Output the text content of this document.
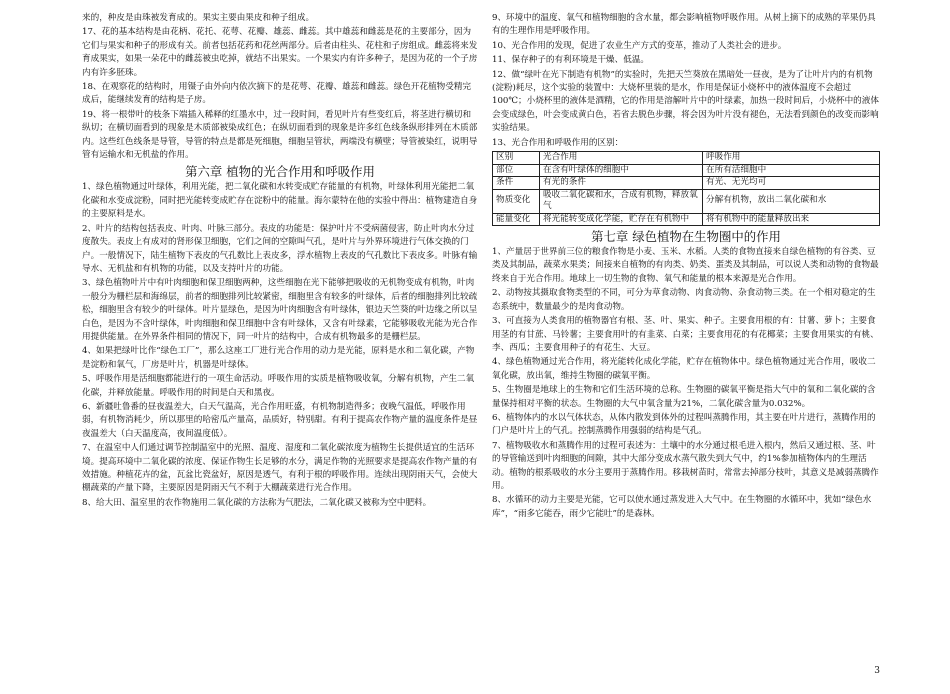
来的，种皮是由珠被发育成的。果实主要由果皮和种子组成。

17、花的基本结构是由花柄、花托、花萼、花瓣、雄蕊、雌蕊。其中雄蕊和雌蕊是花的主要部分，因为它们与果实和种子的形成有关。前者包括花药和花丝两部分。后者由柱头、花柱和子房组成。雌蕊将来发育成果实，如果一朵花中的雌蕊被虫吃掉，就结不出果实。一个果实内有许多种子，是因为花的一个子房内有许多胚珠。

18、在观察花的结构时，用镊子由外向内依次摘下的是花萼、花瓣、雄蕊和雌蕊。绿色开花植物受精完成后，能继续发育的结构是子房。

19、将一根带叶的枝条下端插入稀释的红墨水中，过一段时间，看见叶片有些变红后，将茎进行横切和纵切；在横切面看到的现象是木质部被染成红色；在纵切面看到的现象是许多红色线条纵形排列在木质部内。这些红色线条是导管，导管的特点是都是死细胞，细胞呈管状，两端没有横壁；导管被染红，说明导管有运输水和无机盐的作用。

第六章 植物的光合作用和呼吸作用

1、绿色植物通过叶绿体，利用光能，把二氧化碳和水转变成贮存能量的有机物，叶绿体利用光能把二氧化碳和水变成淀粉，同时把光能转变成贮存在淀粉中的能量。海尔蒙特在他的实验中得出：植物建造自身的主要原料是水。

2、叶片的结构包括表皮、叶肉、叶脉三部分。表皮的功能是：保护叶片不受病菌侵害，防止叶肉水分过度散失。表皮上有成对的肾形保卫细胞，它们之间的空隙叫气孔，是叶片与外界环境进行气体交换的门户。一般情况下，陆生植物下表皮的气孔数比上表皮多，浮水植物上表皮的气孔数比下表皮多。叶脉有输导水、无机盐和有机物的功能，以及支持叶片的功能。

3、绿色植物叶片中有叶肉细胞和保卫细胞两种，这些细胞在光下能够把吸收的无机物变成有机物，叶肉一般分为栅栏层和海绵层，前者的细胞排列比较紧密，细胞里含有较多的叶绿体，后者的细胞排列比较疏松，细胞里含有较少的叶绿体。叶片显绿色，是因为叶肉细胞含有叶绿体，银边天竺葵的叶边缘之所以呈白色，是因为不含叶绿体，叶肉细胞和保卫细胞中含有叶绿体，又含有叶绿素，它能够吸收光能为光合作用提供能量。在外界条件相同的情况下，同一叶片的结构中，合成有机物最多的是栅栏层。

4、如果把绿叶比作“绿色工厂”，那么这座工厂进行光合作用的动力是光能，原料是水和二氧化碳，产物是淀粉和氧气，厂房是叶片，机器是叶绿体。

5、呼吸作用是活细胞都能进行的一项生命活动。呼吸作用的实质是植物吸收氧，分解有机物，产生二氧化碳，并释放能量。呼吸作用的时间是白天和黑夜。

6、新疆吐鲁番的昼夜温差大，白天气温高，光合作用旺盛，有机物制造得多；夜晚气温低，呼吸作用弱，有机物消耗少，所以那里的哈密瓜产量高，品质好，特别甜。有利于提高农作物产量的温度条件是昼夜温差大（白天温度高，夜间温度低）。

7、在温室中人们通过调节控制温室中的光照、温度、湿度和二氧化碳浓度为植物生长提供适宜的生活环境。提高环境中二氧化碳的浓度、保证作物生长足够的水分，满足作物的光照要求是提高农作物产量的有效措施。种植花卉的盆，瓦盆比瓷盆好，原因是透气，有利于根的呼吸作用。连续出现阴雨天气，会使大棚蔬菜的产量下降，主要原因是阴雨天气不利于大棚蔬菜进行光合作用。

8、给大田、温室里的农作物施用二氧化碳的方法称为气肥法，二氧化碳又被称为空中肥料。

9、环境中的温度、氧气和植物细胞的含水量，都会影响植物呼吸作用。从树上摘下的成熟的苹果仍具有的生理作用是呼吸作用。

10、光合作用的发现，促进了农业生产方式的变革，推动了人类社会的进步。

11、保存种子的有利环境是干燥、低温。

12、做“绿叶在光下制造有机物”的实验时，先把天竺葵放在黑暗处一昼夜，是为了让叶片内的有机物(淀粉)耗尽，这个实验的装置中：大烧杯里装的是水，作用是保证小烧杯中的液体温度不会超过100℃；小烧杯里的液体是酒精，它的作用是溶解叶片中的叶绿素，加热一段时间后，小烧杯中的液体会变成绿色，叶会变成黄白色，若省去脱色步骤，将会因为叶片没有褪色，无法看到颜色的改变而影响实验结果。

13、光合作用和呼吸作用的区别：

区别	光合作用	呼吸作用
部位	在含有叶绿体的细胞中	在所有活细胞中
条件	有光的条件	有光、无光均可
物质变化	吸收二氧化碳和水，合成有机物，释放氧气	分解有机物，放出二氧化碳和水
能量变化	将光能转变成化学能，贮存在有机物中	将有机物中的能量释放出来
第七章 绿色植物在生物圈中的作用

1、产量居于世界前三位的粮食作物是小麦、玉米、水稻。人类的食物直接来自绿色植物的有谷类、豆类及其制品，蔬菜水果类；间接来自植物的有肉类、奶类、蛋类及其制品，可以说人类和动物的食物最终来自于光合作用。地球上一切生物的食物、氧气和能量的根本来源是光合作用。

2、动物按其摄取食物类型的不同，可分为草食动物、肉食动物、杂食动物三类。在一个相对稳定的生态系统中，数量最少的是肉食动物。

3、可直接为人类食用的植物器官有根、茎、叶、果实、种子。主要食用根的有：甘薯、萝卜；主要食用茎的有甘蔗、马铃薯；主要食用叶的有韭菜、白菜；主要食用花的有花椰菜；主要食用果实的有桃、李、西瓜；主要食用种子的有花生、大豆。

4、绿色植物通过光合作用，将光能转化成化学能，贮存在植物体中。绿色植物通过光合作用，吸收二氧化碳，放出氧，维持生物圈的碳氧平衡。

5、生物圈是地球上的生物和它们生活环境的总称。生物圈的碳氧平衡是指大气中的氧和二氧化碳的含量保持相对平衡的状态。生物圈的大气中氧含量为21%，二氧化碳含量为0.032%。

6、植物体内的水以气体状态，从体内散发到体外的过程叫蒸腾作用，其主要在叶片进行，蒸腾作用的门户是叶片上的气孔。控制蒸腾作用强弱的结构是气孔。

7、植物吸收水和蒸腾作用的过程可表述为：土壤中的水分通过根毛进入根内，然后又通过根、茎、叶的导管输送到叶肉细胞的间隙，其中大部分变成水蒸气散失到大气中，约1%参加植物体内的生理活动。植物的根系吸收的水分主要用于蒸腾作用。移栽树苗时，常常去掉部分枝叶，其意义是减弱蒸腾作用。

8、水循环的动力主要是光能，它可以使水通过蒸发进入大气中。在生物圈的水循环中，犹如“绿色水库”，“雨多它能吞，雨少它能吐”的是森林。

3
